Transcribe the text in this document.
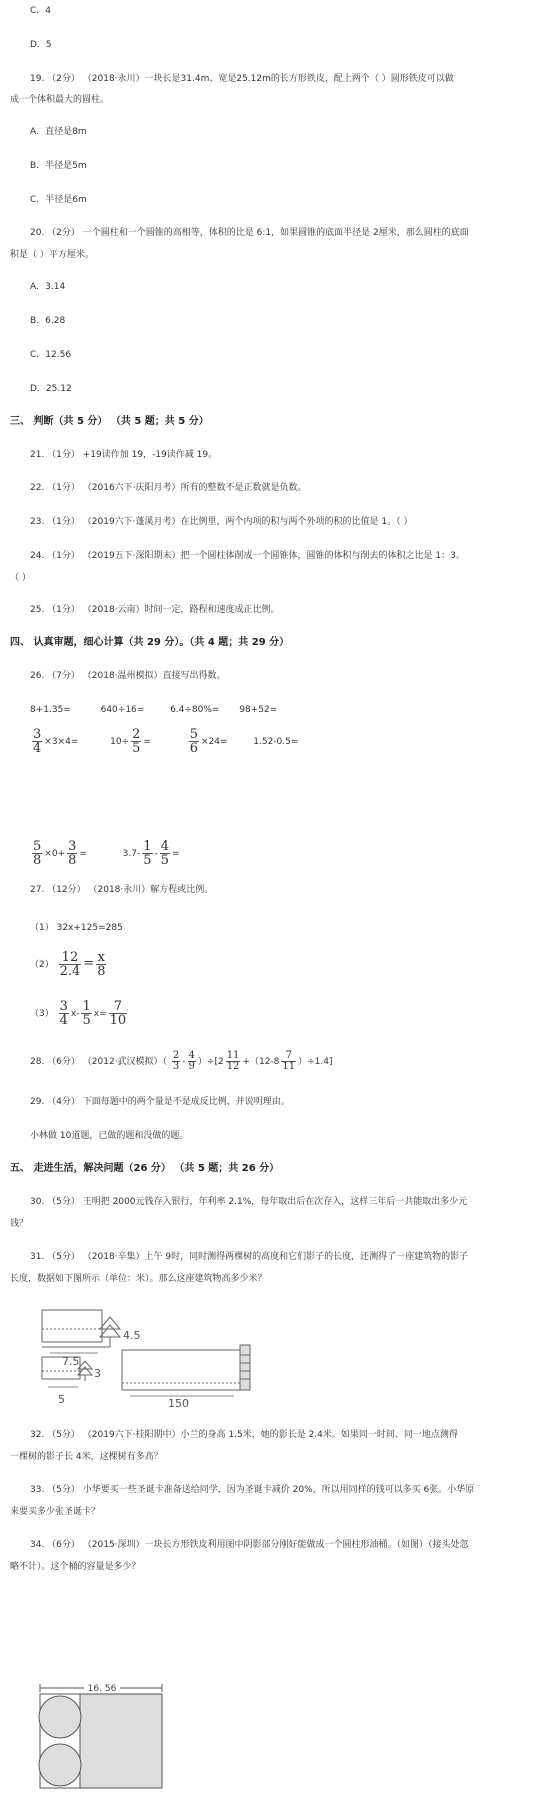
C．4
D．5
19. （2分） （2018·永川）一块长是31.4m、宽是25.12m的长方形铁皮，配上两个（ ）圆形铁皮可以做
成一个体积最大的圆柱。
A．直径是8m
B．半径是5m
C．半径是6m
20. （2分） 一个圆柱和一个圆锥的高相等，体积的比是 6:1，如果圆锥的底面半径是 2厘米，那么圆柱的底面
积是（ ）平方厘米。
A．3.14
B．6.28
C．12.56
D．25.12
三、 判断（共 5 分） （共 5 题；共 5 分）
21. （1分） +19读作加 19，-19读作减 19。
22. （1分） （2016六下·庆阳月考）所有的整数不是正数就是负数。
23. （1分） （2019六下·蓬溪月考）在比例里，两个内项的积与两个外项的积的比值是 1。（ ）
24. （1分） （2019五下·深阳期末）把一个圆柱体削成一个圆锥体，圆锥的体积与削去的体积之比是 1：3。
（ ）
25. （1分） （2018·云南）时间一定，路程和速度成正比例。
四、 认真审题，细心计算（共 29 分）。（共 4 题；共 29 分）
26. （7分） （2018·温州模拟）直接写出得数。
8+1.35=	640÷16=	6.4÷80%= 98+52=
$\frac{3}{4} \times 3\times 4=$	$10\div \frac{2}{5}$ =	$\frac{5}{6} \times 24=$	1.52-0.5=
$\frac{5}{8} \times 0+ \frac{3}{8}$ =	$3.7- \frac{1}{5} - \frac{4}{5}$ =
27. （12分） （2018·永川）解方程或比例。
（1） 32x+125=285
$(2) \frac{12}{2.4} = \frac{x}{8}$
$(3) \frac{3}{4} x- \frac{1}{5} x= \frac{7}{10}$
28. （6分） （2012·武汉模拟）（ $\frac{2}{3} - \frac{4}{9} )\div[2 \frac{11}{12} +(12-8 \frac{7}{11} )\div 1.4]$
29. （4分） 下面每题中的两个量是不是成反比例，并说明理由。
小林做 10道题，已做的题和没做的题。
五、 走进生活，解决问题（26 分） （共 5 题；共 26 分）
30. （5分） 王明把 2000元钱存入银行，年利率 2.1%，每年取出后在次存入，这样三年后一共能取出多少元
钱？
31. （5分） （2018·辛集）上午 9时，同时测得两棵树的高度和它们影子的长度，还测得了一座建筑物的影子
长度，数据如下图所示（单位：米）。那么这座建筑物高多少米？
4.5
7.5
3
5	150
32. （5分） （2019六下·桂阳期中）小兰的身高 1.5米，她的影长是 2.4米。如果同一时间、同一地点测得
一棵树的影子长 4米，这棵树有多高？
33. （5分） 小华要买一些圣诞卡准备送给同学，因为圣诞卡减价 20%，所以用同样的钱可以多买 6张。小华原
来要买多少张圣诞卡？
34. （6分） （2015·深圳）一块长方形铁皮利用图中阴影部分刚好能做成一个圆柱形油桶。（如图）（接头处忽
略不计）。这个桶的容量是多少？
16. 56
